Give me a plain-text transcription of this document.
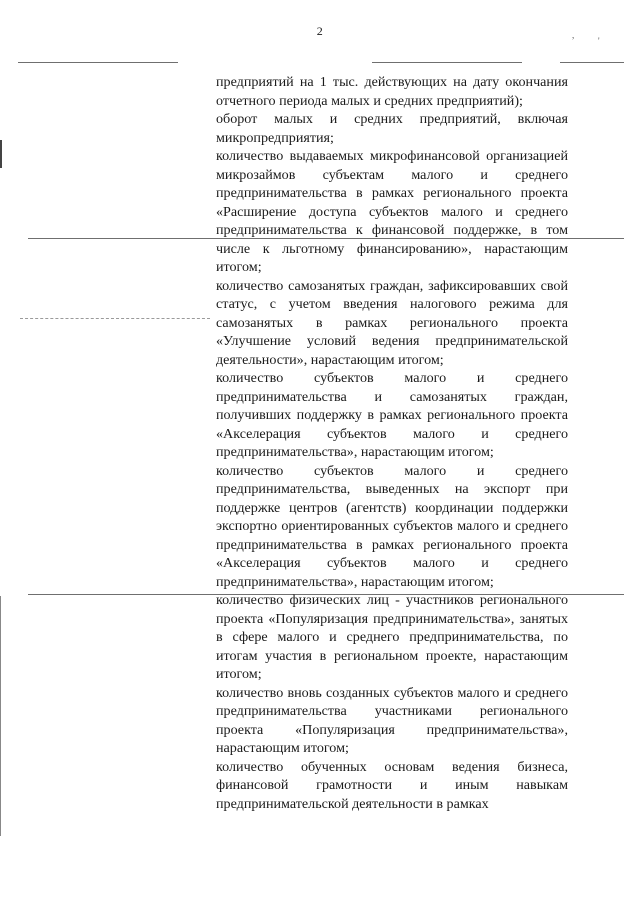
2	,
'

предприятий на 1 тыс. действующих на дату окончания отчетного периода малых и средних предприятий);

оборот малых и средних предприятий, включая микропредприятия;

количество выдаваемых микрофинансовой организацией микрозаймов субъектам малого и среднего предпринимательства в рамках регионального проекта «Расширение доступа субъектов малого и среднего предпринимательства к финансовой поддержке, в том числе к льготному финансированию», нарастающим итогом;

количество самозанятых граждан, зафиксировавших свой статус, с учетом введения налогового режима для самозанятых в рамках регионального проекта «Улучшение условий ведения предпринимательской деятельности», нарастающим итогом;

количество субъектов малого и среднего предпринимательства и самозанятых граждан, получивших поддержку в рамках регионального проекта «Акселерация субъектов малого и среднего предпринимательства», нарастающим итогом;

количество субъектов малого и среднего предпринимательства, выведенных на экспорт при поддержке центров (агентств) координации поддержки экспортно ориентированных субъектов малого и среднего предпринимательства в рамках регионального проекта «Акселерация субъектов малого и среднего предпринимательства», нарастающим итогом;

количество физических лиц - участников регионального проекта «Популяризация предпринимательства», занятых в сфере малого и среднего предпринимательства, по итогам участия в региональном проекте, нарастающим итогом;

количество вновь созданных субъектов малого и среднего предпринимательства участниками регионального проекта «Популяризация предпринимательства», нарастающим итогом;

количество обученных основам ведения бизнеса, финансовой грамотности и иным навыкам предпринимательской деятельности в рамках
